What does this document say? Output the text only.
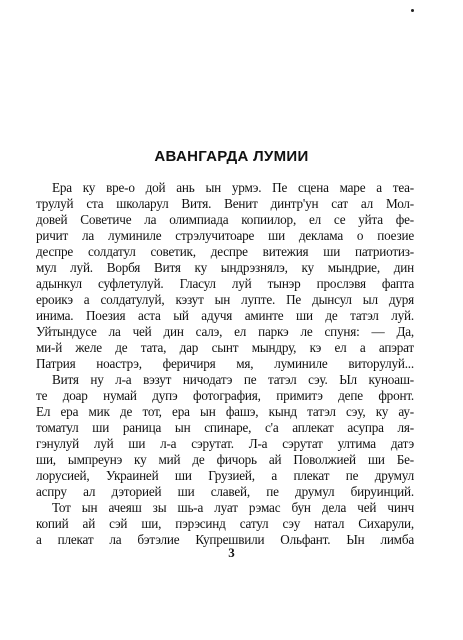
АВАНГАРДА ЛУМИИ
Ера ку вре-о дой ань ын урмэ. Пе сцена маре а теа-
трулуй ста школарул Витя. Венит динтр'ун сат ал Мол-
довей Советиче ла олимпиада копиилор, ел се уйта фе-
ричит ла луминиле стрэлучитоаре ши деклама о поезие
деспре солдатул советик, деспре витежия ши патриотиз-
мул луй. Ворбя Витя ку ындрэзнялэ, ку мындрие, дин
адынкул суфлетулуй. Гласул луй тынэр прослэвя фапта
ероикэ а солдатулуй, кэзут ын лупте. Пе дынсул ыл дуря
инима. Поезия аста ый адучя аминте ши де татэл луй.
Уйтындуce ла чей дин салэ, ел паркэ ле спуня: — Да,
ми-й желе де тата, дар сынт мындру, кэ ел а апэрат
Патрия ноастрэ, феричиря мя, луминиле виторулуй...
Витя ну л-а вэзут ничодатэ пе татэл сэу. Ыл куноаш-
те доар нумай дупэ фотография, примитэ депе фронт.
Ел ера мик де тот, ера ын фашэ, кынд татэл сэу, ку ау-
томатул ши раница ын спинаре, с'а аплекат асупра ля-
гэнулуй луй ши л-а сэрутат. Л-а сэрутат ултима датэ
ши, ымпреунэ ку мий де фичорь ай Поволжией ши Бе-
лорусией, Украиней ши Грузией, а плекат пе друмул
аспру ал дэторией ши славей, пе друмул бируинций.
Тот ын ачеяш зы шь-а луат рэмас бун дела чей чинч
копий ай сэй ши, пэрэсинд сатул сэу натал Сихарули,
а плекат ла бэтэлие Купрешвили Ольфант. Ын лимба
3
